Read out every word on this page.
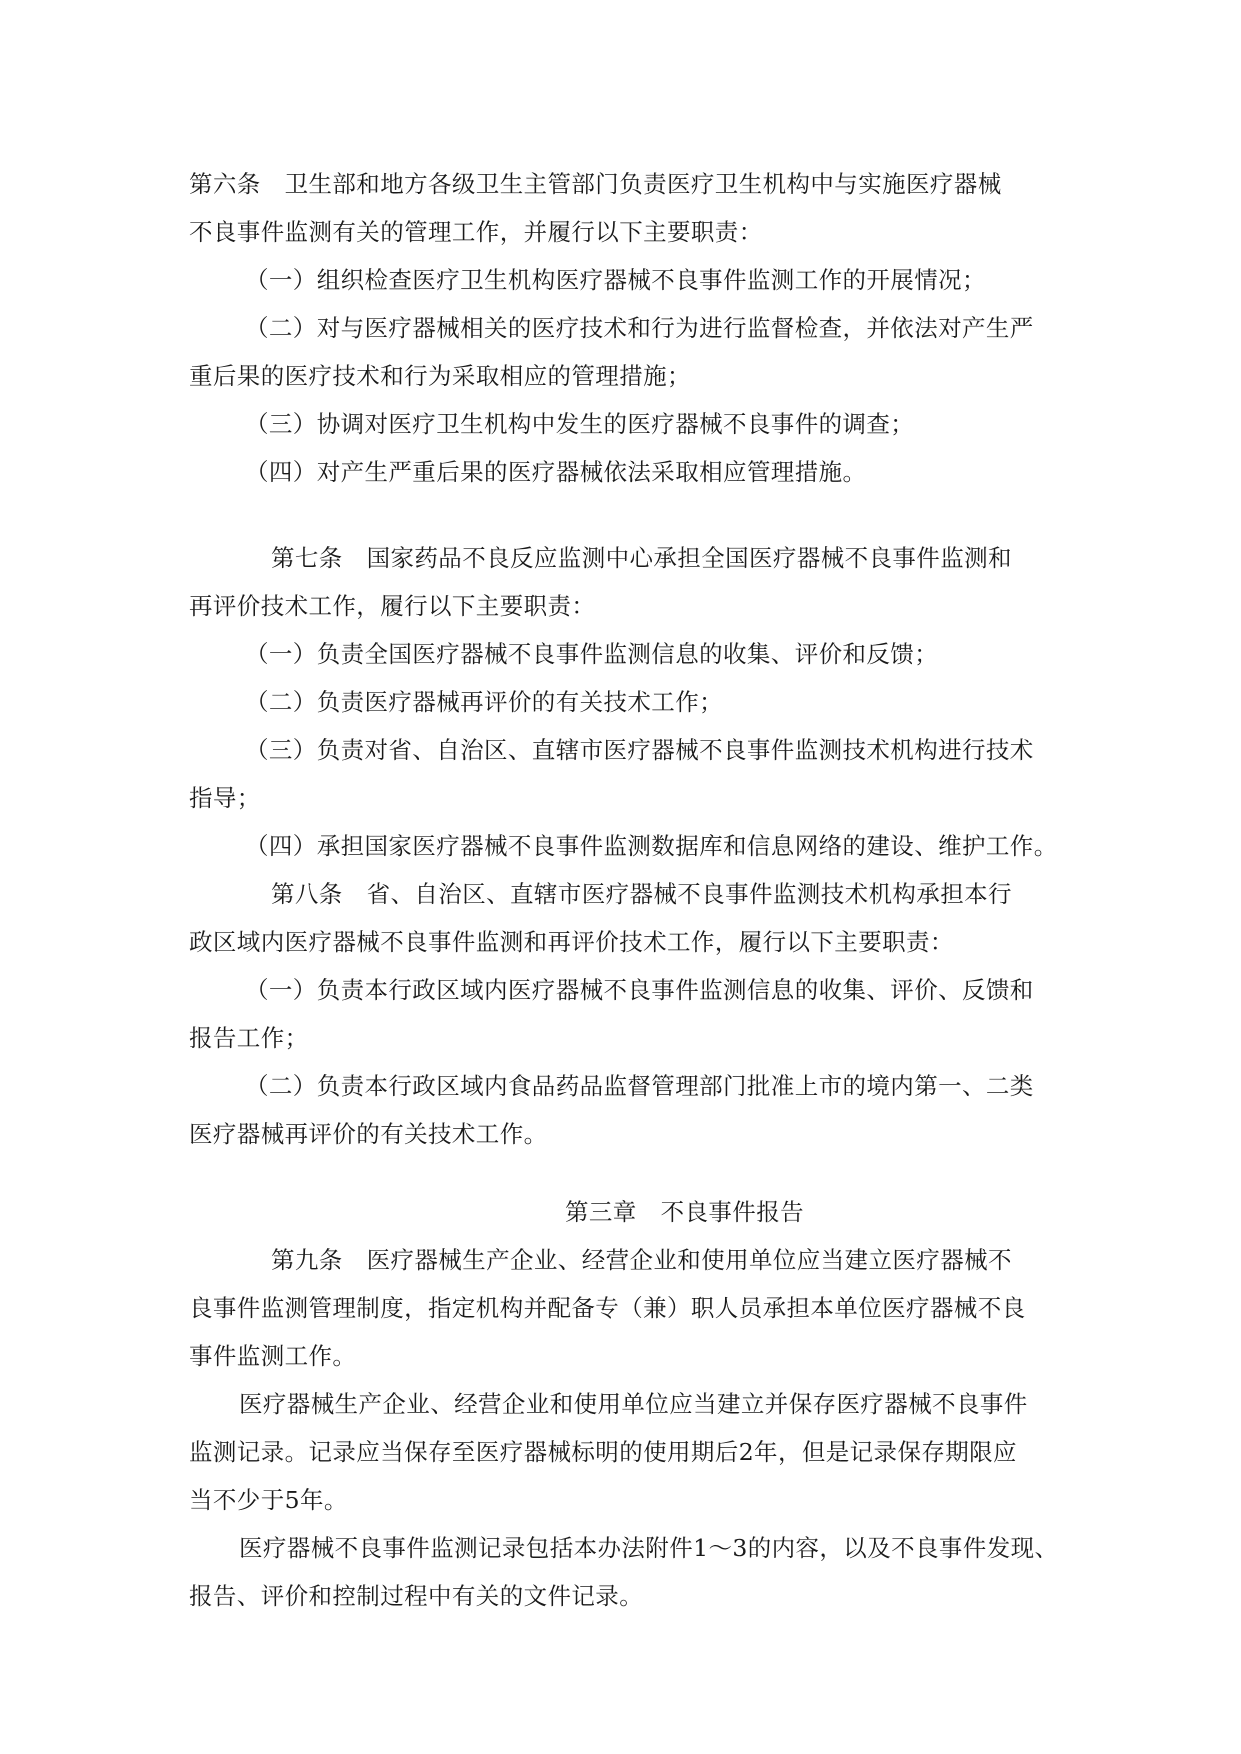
第六条　卫生部和地方各级卫生主管部门负责医疗卫生机构中与实施医疗器械

不良事件监测有关的管理工作，并履行以下主要职责：

（一）组织检查医疗卫生机构医疗器械不良事件监测工作的开展情况；

（二）对与医疗器械相关的医疗技术和行为进行监督检查，并依法对产生严

重后果的医疗技术和行为采取相应的管理措施；

（三）协调对医疗卫生机构中发生的医疗器械不良事件的调查；

（四）对产生严重后果的医疗器械依法采取相应管理措施。

第七条　国家药品不良反应监测中心承担全国医疗器械不良事件监测和

再评价技术工作，履行以下主要职责：

（一）负责全国医疗器械不良事件监测信息的收集、评价和反馈；

（二）负责医疗器械再评价的有关技术工作；

（三）负责对省、自治区、直辖市医疗器械不良事件监测技术机构进行技术

指导；

（四）承担国家医疗器械不良事件监测数据库和信息网络的建设、维护工作。

第八条　省、自治区、直辖市医疗器械不良事件监测技术机构承担本行

政区域内医疗器械不良事件监测和再评价技术工作，履行以下主要职责：

（一）负责本行政区域内医疗器械不良事件监测信息的收集、评价、反馈和

报告工作；

（二）负责本行政区域内食品药品监督管理部门批准上市的境内第一、二类

医疗器械再评价的有关技术工作。

第三章　不良事件报告

第九条　医疗器械生产企业、经营企业和使用单位应当建立医疗器械不

良事件监测管理制度，指定机构并配备专（兼）职人员承担本单位医疗器械不良

事件监测工作。

医疗器械生产企业、经营企业和使用单位应当建立并保存医疗器械不良事件

监测记录。记录应当保存至医疗器械标明的使用期后2年，但是记录保存期限应

当不少于5年。

医疗器械不良事件监测记录包括本办法附件1～3的内容，以及不良事件发现、

报告、评价和控制过程中有关的文件记录。
